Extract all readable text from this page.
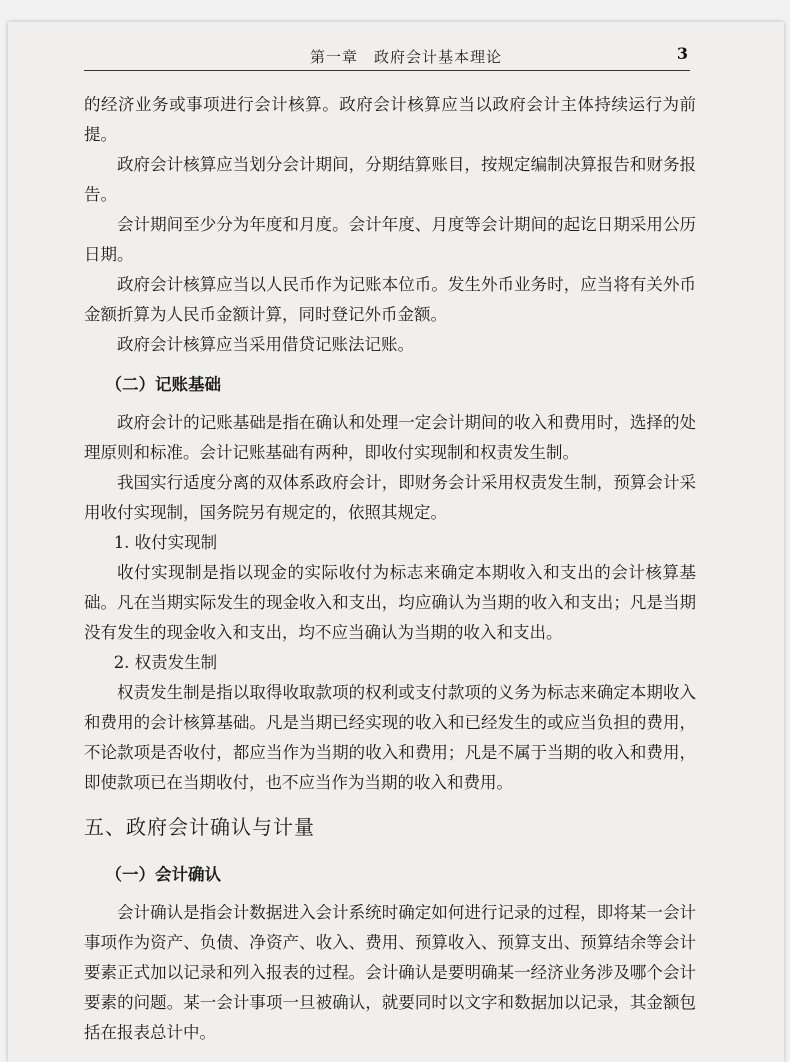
第一章　政府会计基本理论	3

的经济业务或事项进行会计核算。政府会计核算应当以政府会计主体持续运行为前提。

政府会计核算应当划分会计期间，分期结算账目，按规定编制决算报告和财务报告。

会计期间至少分为年度和月度。会计年度、月度等会计期间的起讫日期采用公历日期。

政府会计核算应当以人民币作为记账本位币。发生外币业务时，应当将有关外币金额折算为人民币金额计算，同时登记外币金额。

政府会计核算应当采用借贷记账法记账。

（二）记账基础

政府会计的记账基础是指在确认和处理一定会计期间的收入和费用时，选择的处理原则和标准。会计记账基础有两种，即收付实现制和权责发生制。

我国实行适度分离的双体系政府会计，即财务会计采用权责发生制，预算会计采用收付实现制，国务院另有规定的，依照其规定。

1. 收付实现制

收付实现制是指以现金的实际收付为标志来确定本期收入和支出的会计核算基础。凡在当期实际发生的现金收入和支出，均应确认为当期的收入和支出；凡是当期没有发生的现金收入和支出，均不应当确认为当期的收入和支出。

2. 权责发生制

权责发生制是指以取得收取款项的权利或支付款项的义务为标志来确定本期收入和费用的会计核算基础。凡是当期已经实现的收入和已经发生的或应当负担的费用，不论款项是否收付，都应当作为当期的收入和费用；凡是不属于当期的收入和费用，即使款项已在当期收付，也不应当作为当期的收入和费用。

五、政府会计确认与计量

（一）会计确认

会计确认是指会计数据进入会计系统时确定如何进行记录的过程，即将某一会计事项作为资产、负债、净资产、收入、费用、预算收入、预算支出、预算结余等会计要素正式加以记录和列入报表的过程。会计确认是要明确某一经济业务涉及哪个会计要素的问题。某一会计事项一旦被确认，就要同时以文字和数据加以记录，其金额包括在报表总计中。
